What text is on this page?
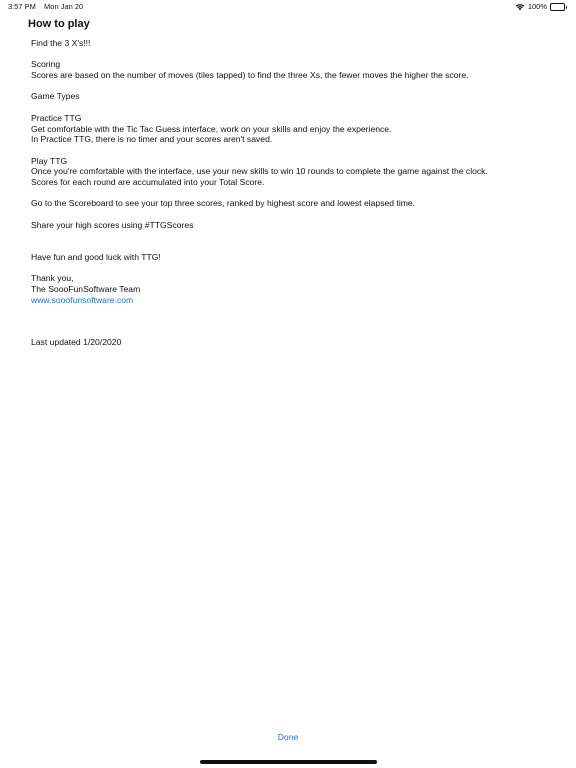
3:57 PM Mon Jan 20	100%
How to play

Find the 3 X's!!!

Scoring
Scores are based on the number of moves (tiles tapped) to find the three Xs, the fewer moves the higher the score.

Game Types

Practice TTG
Get comfortable with the Tic Tac Guess interface, work on your skills and enjoy the experience.
In Practice TTG, there is no timer and your scores aren't saved.

Play TTG
Once you're comfortable with the interface, use your new skills to win 10 rounds to complete the game against the clock.
Scores for each round are accumulated into your Total Score.

Go to the Scoreboard to see your top three scores, ranked by highest score and lowest elapsed time.

Share your high scores using #TTGScores

Have fun and good luck with TTG!

Thank you,
The SoooFunSoftware Team
www.sooofunsoftware.com

Last updated 1/20/2020

Done
